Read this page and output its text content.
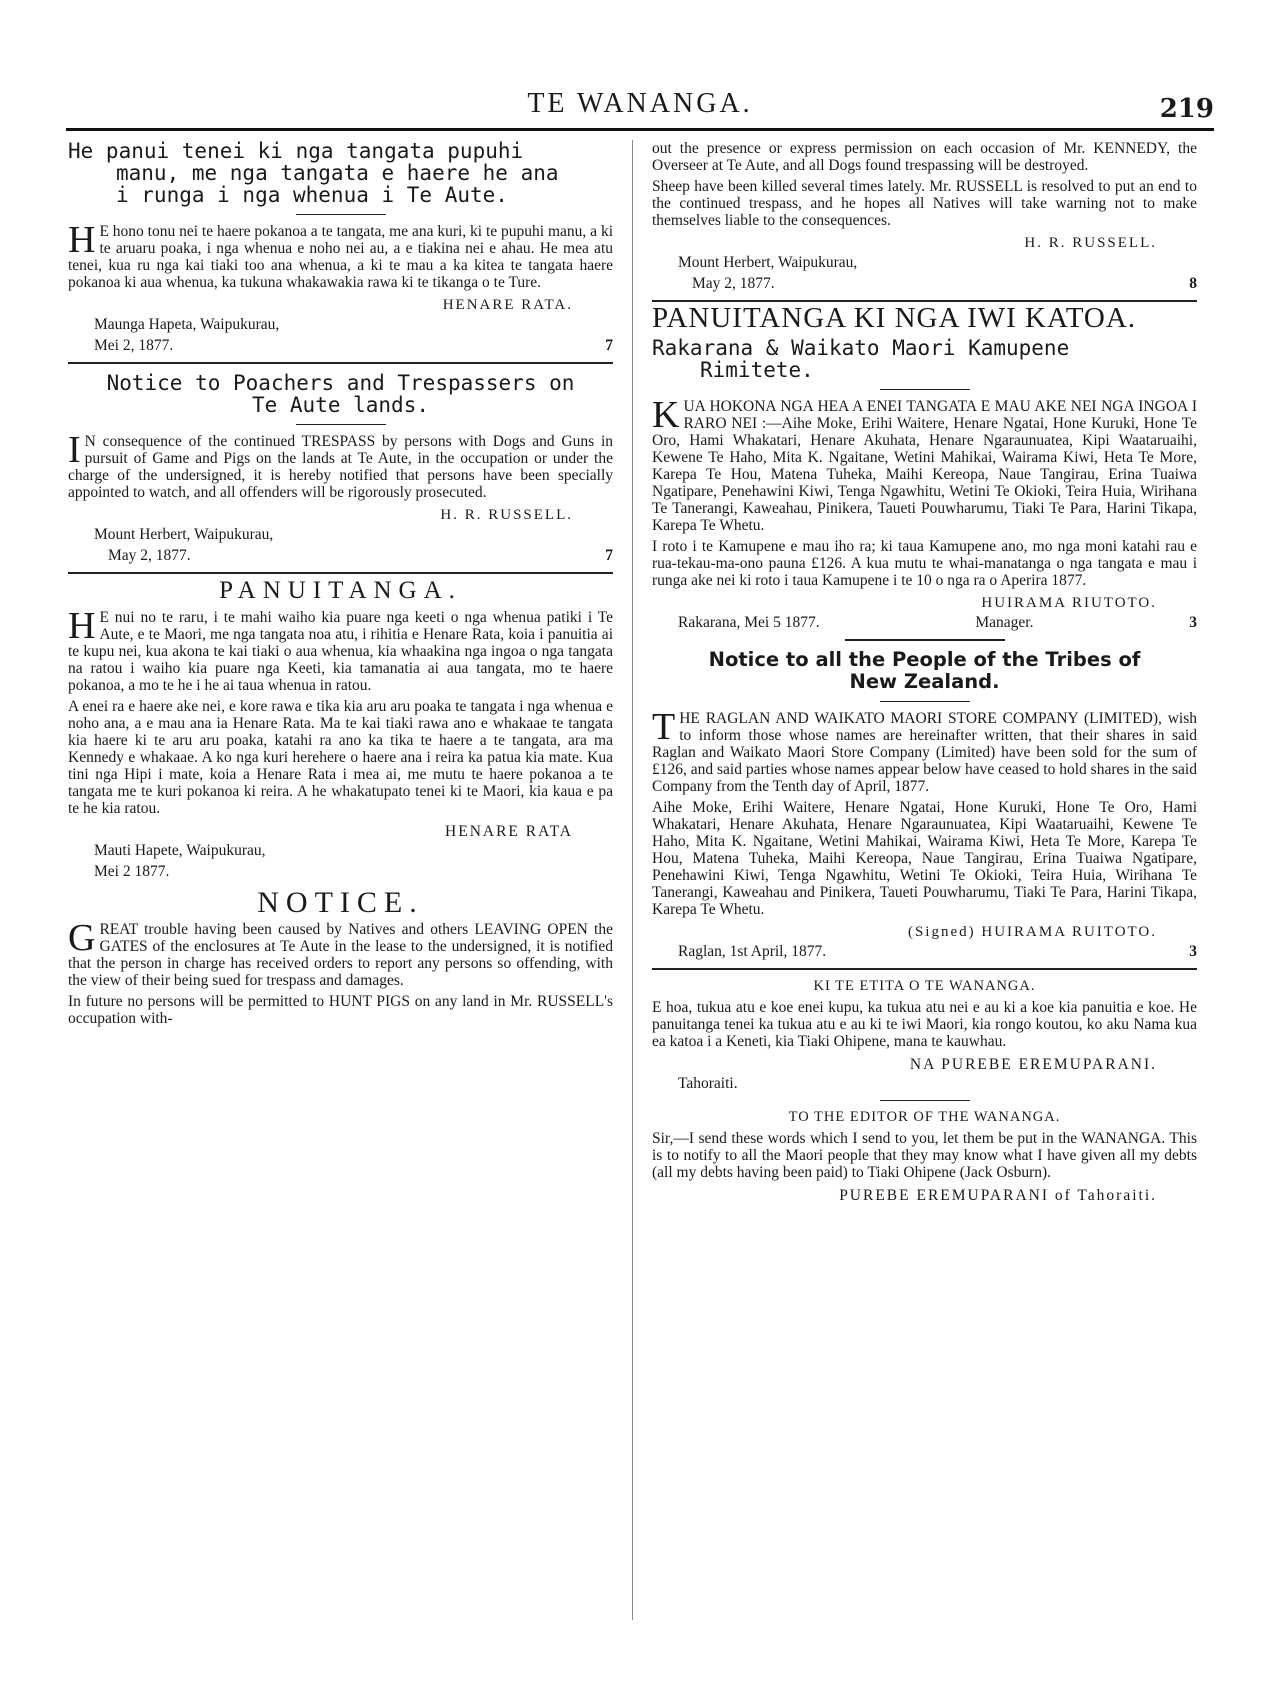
TE WANANGA.	219
He panui tenei ki nga tangata pupuhi
manu, me nga tangata e haere he ana
i runga i nga whenua i Te Aute.

H E hono tonu nei te haere pokanoa a te tangata, me ana kuri, ki te pupuhi manu, a ki te aruaru poaka, i nga whenua e noho nei au, a e tiakina nei e ahau. He mea atu tenei, kua ru nga kai tiaki too ana whenua, a ki te mau a ka kitea te tangata haere pokanoa ki aua whenua, ka tukuna whakawakia rawa ki te tikanga o te Ture.

HENARE RATA.

Maunga Hapeta, Waipukurau,

Mei 2, 1877.	7
Notice to Poachers and Trespassers on
Te Aute lands.

I N consequence of the continued TRESPASS by persons with Dogs and Guns in pursuit of Game and Pigs on the lands at Te Aute, in the occupation or under the charge of the undersigned, it is hereby notified that persons have been specially appointed to watch, and all offenders will be rigorously prosecuted.

H. R. RUSSELL.

Mount Herbert, Waipukurau,

May 2, 1877.	7
PANUITANGA.

H E nui no te raru, i te mahi waiho kia puare nga keeti o nga whenua patiki i Te Aute, e te Maori, me nga tangata noa atu, i rihitia e Henare Rata, koia i panuitia ai te kupu nei, kua akona te kai tiaki o aua whenua, kia whaakina nga ingoa o nga tangata na ratou i waiho kia puare nga Keeti, kia tamanatia ai aua tangata, mo te haere pokanoa, a mo te he i he ai taua whenua in ratou.

A enei ra e haere ake nei, e kore rawa e tika kia aru aru poaka te tangata i nga whenua e noho ana, a e mau ana ia Henare Rata. Ma te kai tiaki rawa ano e whakaae te tangata kia haere ki te aru aru poaka, katahi ra ano ka tika te haere a te tangata, ara ma Kennedy e whakaae. A ko nga kuri herehere o haere ana i reira ka patua kia mate. Kua tini nga Hipi i mate, koia a Henare Rata i mea ai, me mutu te haere pokanoa a te tangata me te kuri pokanoa ki reira. A he whakatupato tenei ki te Maori, kia kaua e pa te he kia ratou.

HENARE RATA

Mauti Hapete, Waipukurau,

Mei 2 1877.

NOTICE.

GREAT trouble having been caused by Natives and others LEAVING OPEN the GATES of the enclosures at Te Aute in the lease to the undersigned, it is notified that the person in charge has received orders to report any persons so offending, with the view of their being sued for trespass and damages.

In future no persons will be permitted to HUNT PIGS on any land in Mr. RUSSELL's occupation with-

out the presence or express permission on each occasion of Mr. KENNEDY, the Overseer at Te Aute, and all Dogs found trespassing will be destroyed.

Sheep have been killed several times lately. Mr. RUSSELL is resolved to put an end to the continued trespass, and he hopes all Natives will take warning not to make themselves liable to the consequences.

H. R. RUSSELL.

Mount Herbert, Waipukurau,

May 2, 1877.	8
PANUITANGA KI NGA IWI KATOA.
Rakarana & Waikato Maori Kamupene
Rimitete.

KUA HOKONA NGA HEA A ENEI TANGATA E MAU AKE NEI NGA INGOA I RARO NEI :—Aihe Moke, Erihi Waitere, Henare Ngatai, Hone Kuruki, Hone Te Oro, Hami Whakatari, Henare Akuhata, Henare Ngaraunuatea, Kipi Waataruaihi, Kewene Te Haho, Mita K. Ngaitane, Wetini Mahikai, Wairama Kiwi, Heta Te More, Karepa Te Hou, Matena Tuheka, Maihi Kereopa, Naue Tangirau, Erina Tuaiwa Ngatipare, Penehawini Kiwi, Tenga Ngawhitu, Wetini Te Okioki, Teira Huia, Wirihana Te Tanerangi, Kaweahau, Pinikera, Taueti Pouwharumu, Tiaki Te Para, Harini Tikapa, Karepa Te Whetu.

I roto i te Kamupene e mau iho ra; ki taua Kamupene ano, mo nga moni katahi rau e rua-tekau-ma-ono pauna £126. A kua mutu te whai-manatanga o nga tangata e mau i runga ake nei ki roto i taua Kamupene i te 10 o nga ra o Aperira 1877.

HUIRAMA RIUTOTO.
Rakarana, Mei 5 1877.	Manager.	3
Notice to all the People of the Tribes of
New Zealand.

THE RAGLAN AND WAIKATO MAORI STORE COMPANY (LIMITED), wish to inform those whose names are hereinafter written, that their shares in said Raglan and Waikato Maori Store Company (Limited) have been sold for the sum of £126, and said parties whose names appear below have ceased to hold shares in the said Company from the Tenth day of April, 1877.

Aihe Moke, Erihi Waitere, Henare Ngatai, Hone Kuruki, Hone Te Oro, Hami Whakatari, Henare Akuhata, Henare Ngaraunuatea, Kipi Waataruaihi, Kewene Te Haho, Mita K. Ngaitane, Wetini Mahikai, Wairama Kiwi, Heta Te More, Karepa Te Hou, Matena Tuheka, Maihi Kereopa, Naue Tangirau, Erina Tuaiwa Ngatipare, Penehawini Kiwi, Tenga Ngawhitu, Wetini Te Okioki, Teira Huia, Wirihana Te Tanerangi, Kaweahau and Pinikera, Taueti Pouwharumu, Tiaki Te Para, Harini Tikapa, Karepa Te Whetu.

(Signed) HUIRAMA RUITOTO.
Raglan, 1st April, 1877.	3
KI TE ETITA O TE WANANGA.

E hoa, tukua atu e koe enei kupu, ka tukua atu nei e au ki a koe kia panuitia e koe. He panuitanga tenei ka tukua atu e au ki te iwi Maori, kia rongo koutou, ko aku Nama kua ea katoa i a Keneti, kia Tiaki Ohipene, mana te kauwhau.

NA PUREBE EREMUPARANI.

Tahoraiti.

TO THE EDITOR OF THE WANANGA.

Sir,—I send these words which I send to you, let them be put in the WANANGA. This is to notify to all the Maori people that they may know what I have given all my debts (all my debts having been paid) to Tiaki Ohipene (Jack Osburn).

PUREBE EREMUPARANI of Tahoraiti.
